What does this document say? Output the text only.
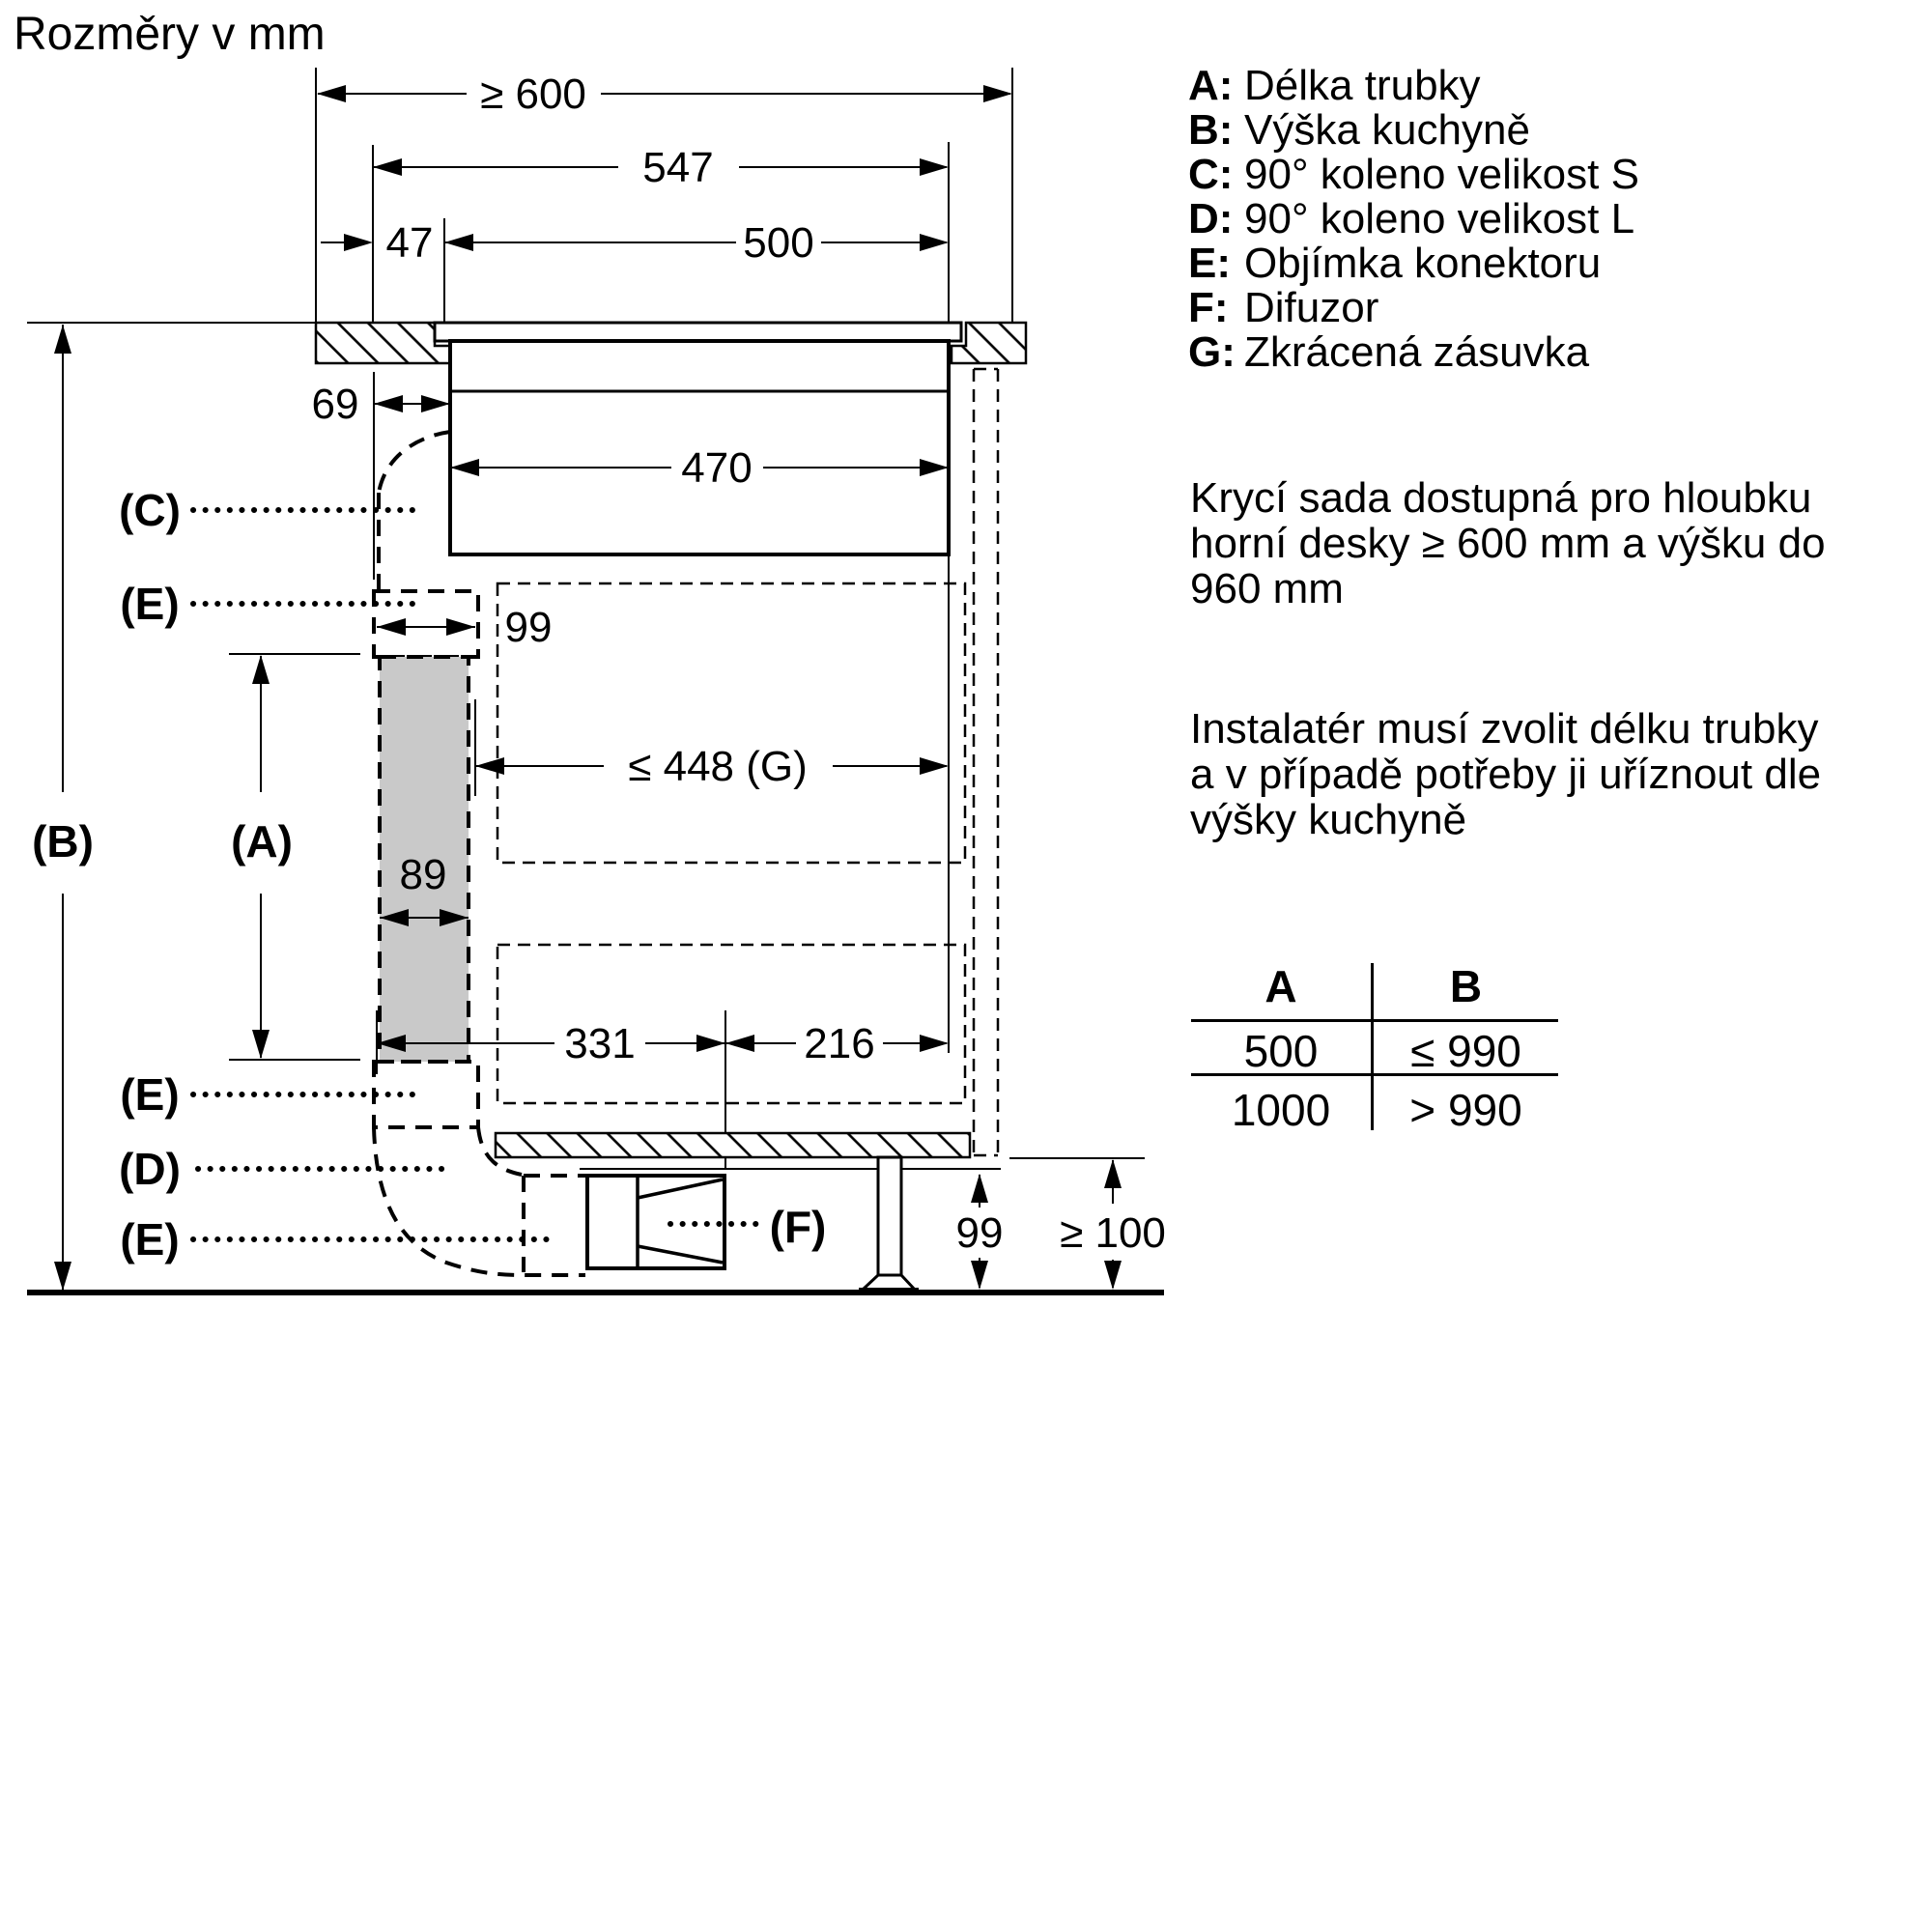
Rozměry v mm
A: Délka trubky
B: Výška kuchyně
C: 90° koleno velikost S
D: 90° koleno velikost L
E: Objímka konektoru
F: Difuzor
G: Zkrácená zásuvka
Krycí sada dostupná pro hloubku
horní desky ≥ 600 mm a výšku do
960 mm
Instalatér musí zvolit délku trubky
a v případě potřeby ji uříznout dle
výšky kuchyně
A	B
500	≤ 990
1000	> 990
≥ 600
547
47	500
470
69
99
89
≤ 448 (G)
331	216
99 ≥ 100
(B)	(A)
(C)
(E)
(E)
(D)
(E)	(F)
